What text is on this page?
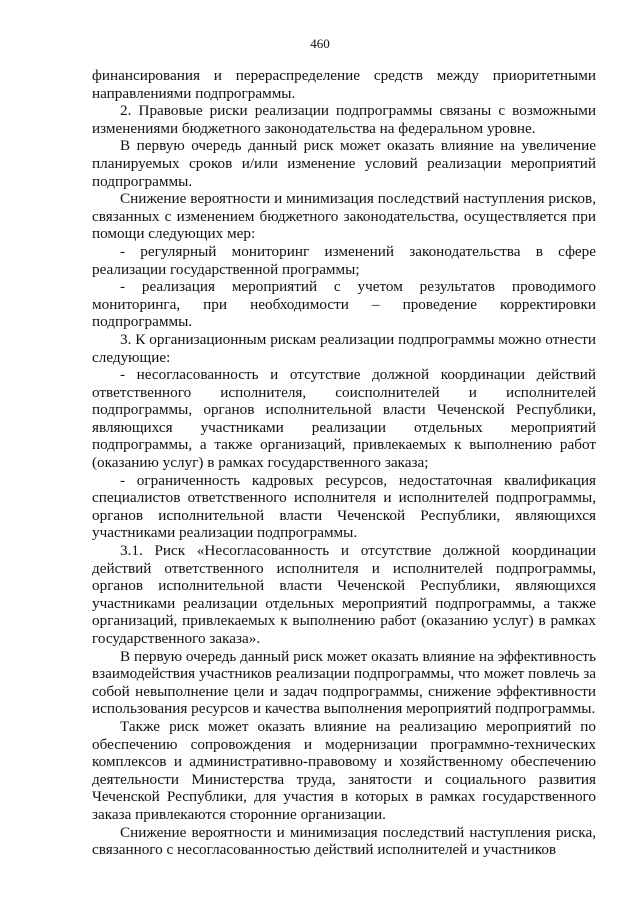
460

финансирования и перераспределение средств между приоритетными направлениями подпрограммы.

2. Правовые риски реализации подпрограммы связаны с возможными изменениями бюджетного законодательства на федеральном уровне.

В первую очередь данный риск может оказать влияние на увеличение планируемых сроков и/или изменение условий реализации мероприятий подпрограммы.

Снижение вероятности и минимизация последствий наступления рисков, связанных с изменением бюджетного законодательства, осуществляется при помощи следующих мер:

- регулярный мониторинг изменений законодательства в сфере реализации государственной программы;

- реализация мероприятий с учетом результатов проводимого мониторинга, при необходимости – проведение корректировки подпрограммы.

3. К организационным рискам реализации подпрограммы можно отнести следующие:

- несогласованность и отсутствие должной координации действий ответственного исполнителя, соисполнителей и исполнителей подпрограммы, органов исполнительной власти Чеченской Республики, являющихся участниками реализации отдельных мероприятий подпрограммы, а также организаций, привлекаемых к выполнению работ (оказанию услуг) в рамках государственного заказа;

- ограниченность кадровых ресурсов, недостаточная квалификация специалистов ответственного исполнителя и исполнителей подпрограммы, органов исполнительной власти Чеченской Республики, являющихся участниками реализации подпрограммы.

3.1. Риск «Несогласованность и отсутствие должной координации действий ответственного исполнителя и исполнителей подпрограммы, органов исполнительной власти Чеченской Республики, являющихся участниками реализации отдельных мероприятий подпрограммы, а также организаций, привлекаемых к выполнению работ (оказанию услуг) в рамках государственного заказа».

В первую очередь данный риск может оказать влияние на эффективность взаимодействия участников реализации подпрограммы, что может повлечь за собой невыполнение цели и задач подпрограммы, снижение эффективности использования ресурсов и качества выполнения мероприятий подпрограммы.

Также риск может оказать влияние на реализацию мероприятий по обеспечению сопровождения и модернизации программно-технических комплексов и административно-правовому и хозяйственному обеспечению деятельности Министерства труда, занятости и социального развития Чеченской Республики, для участия в которых в рамках государственного заказа привлекаются сторонние организации.

Снижение вероятности и минимизация последствий наступления риска, связанного с несогласованностью действий исполнителей и участников
